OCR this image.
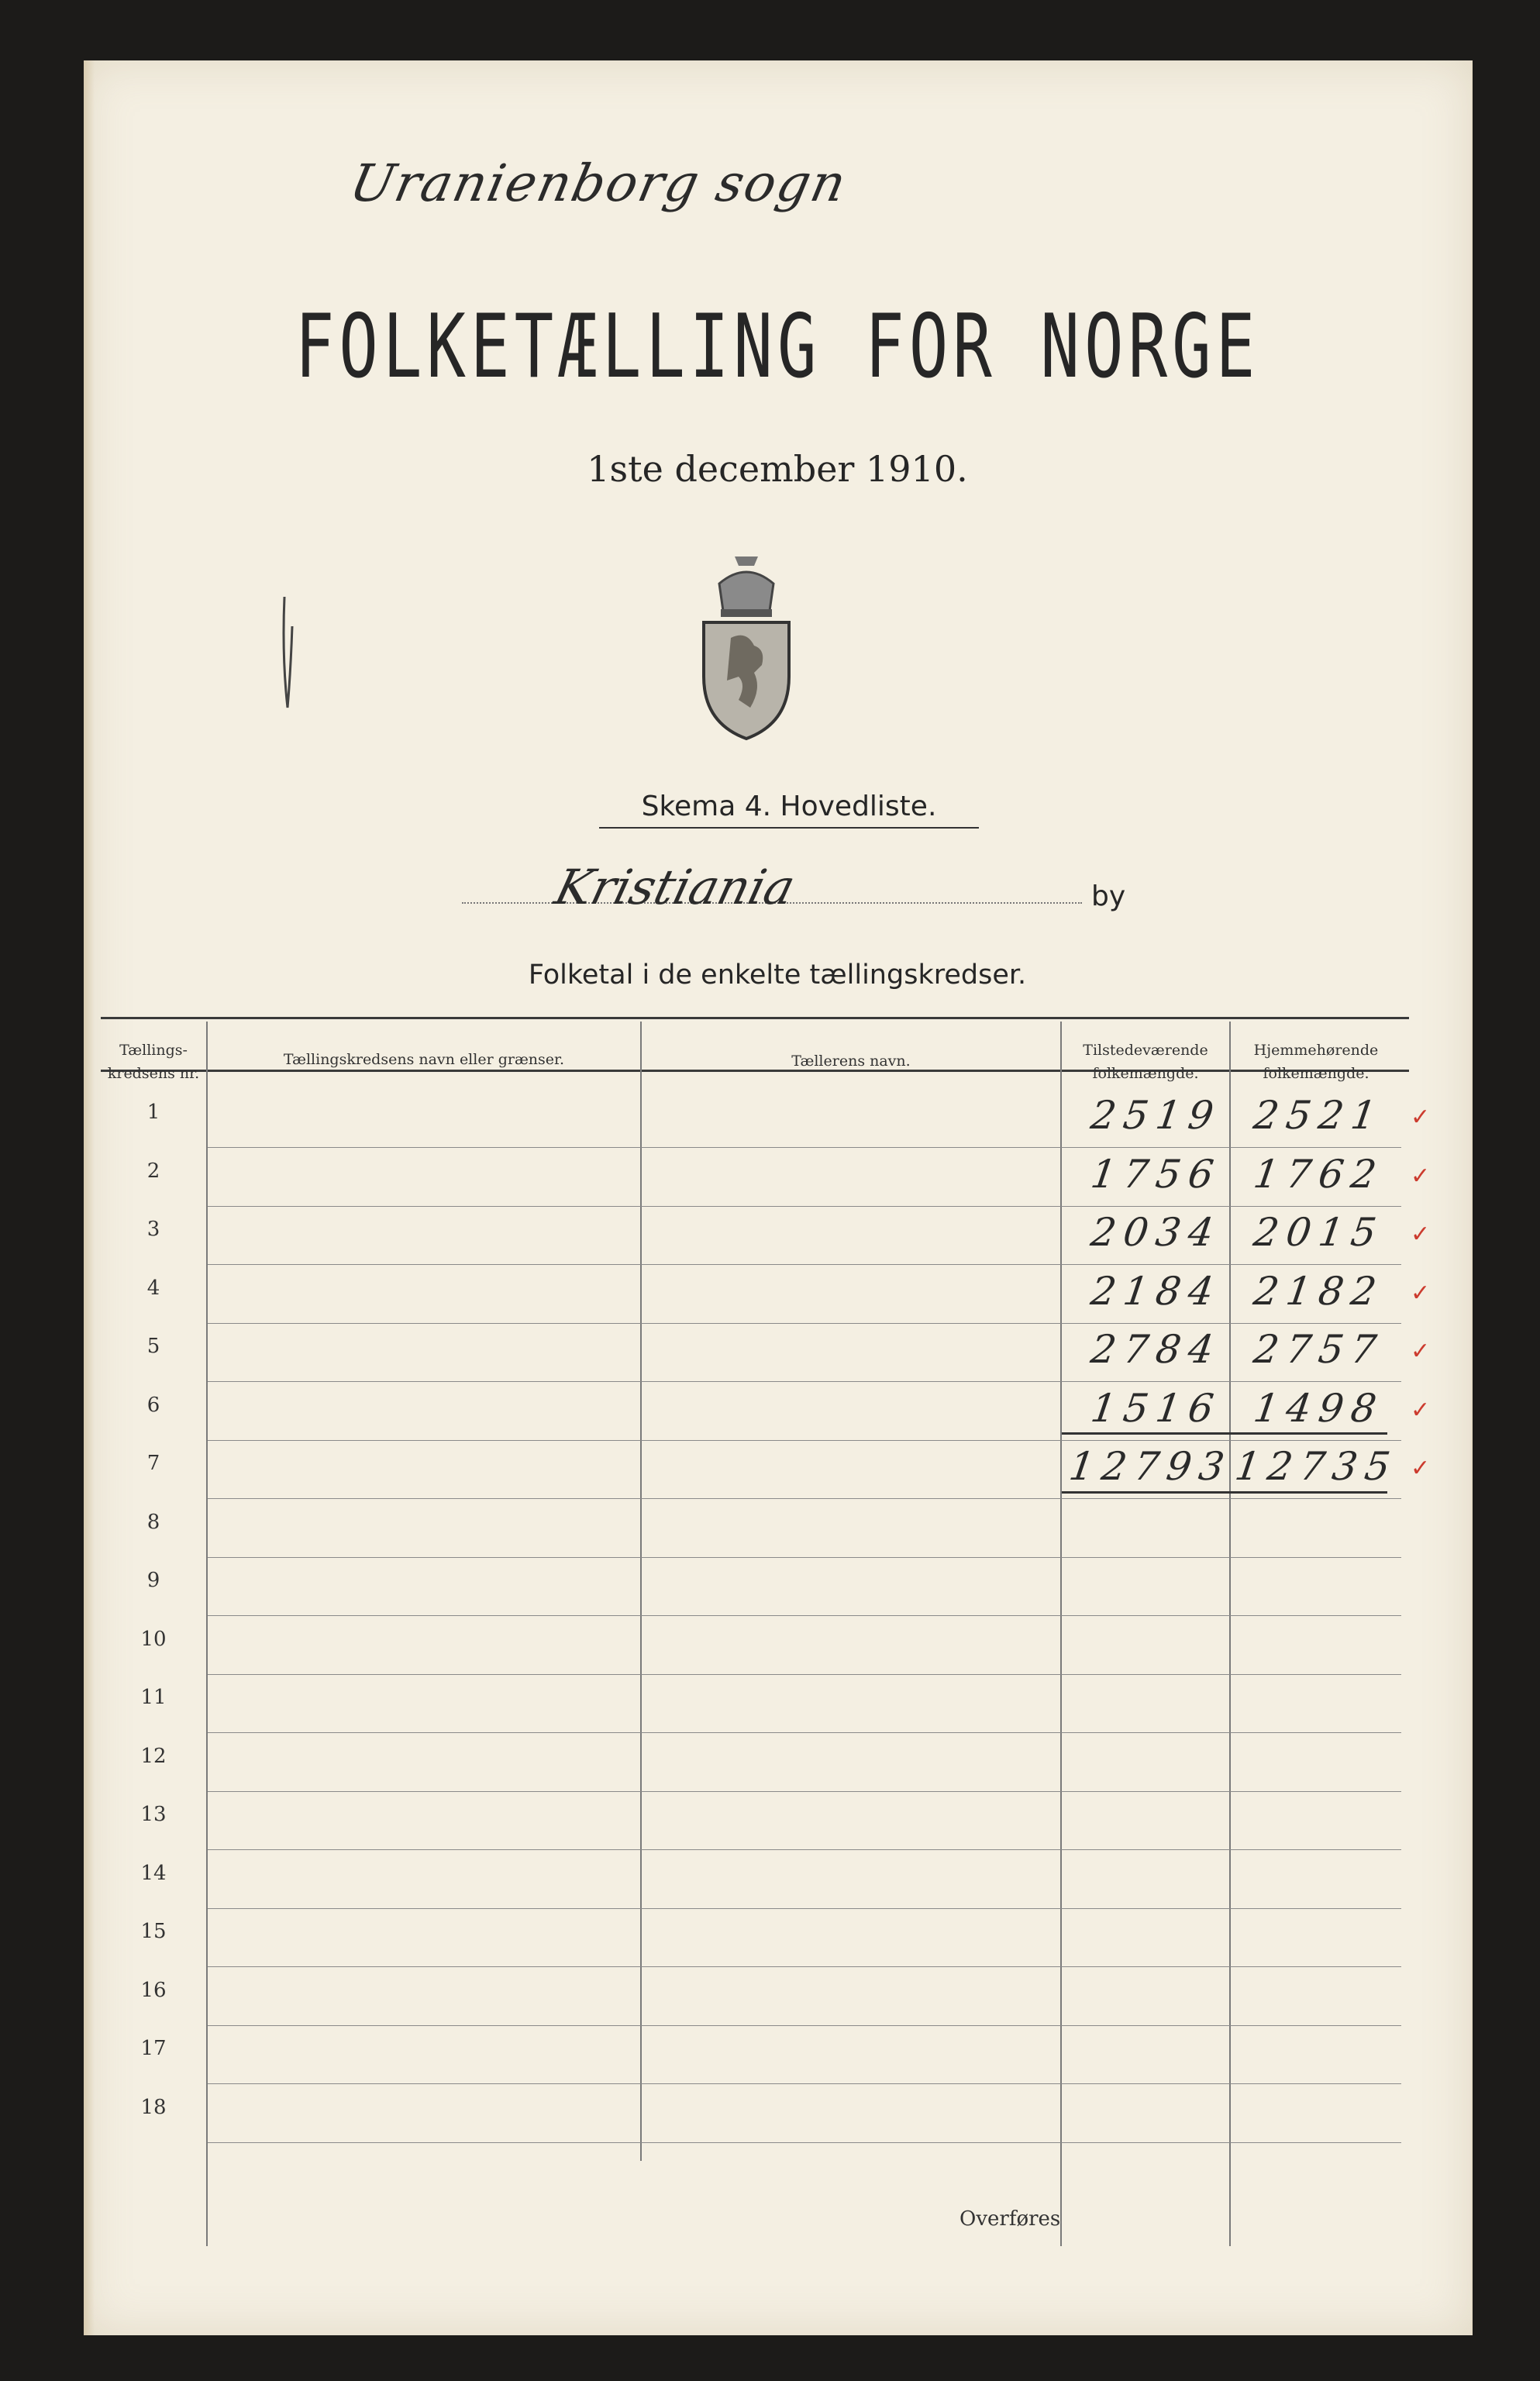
Uranienborg sogn
FOLKETÆLLING FOR NORGE
1ste december 1910.
Skema 4. Hovedliste.
Kristiania	by
Folketal i de enkelte tællingskredser.
Tællings-
kredsens nr.
Tællingskredsens navn eller grænser.	Tællerens navn.
Tilstedeværende
folkemængde.
Hjemmehørende
folkemængde.
1
2
3
4
5
6
7
8
9
10
11
12
13
14
15
16
17
18
2519 2521 ✓
1756 1762 ✓
2034 2015 ✓
2184 2182 ✓
2784 2757 ✓
1516 1498 ✓
12793
12735 ✓
Overføres
